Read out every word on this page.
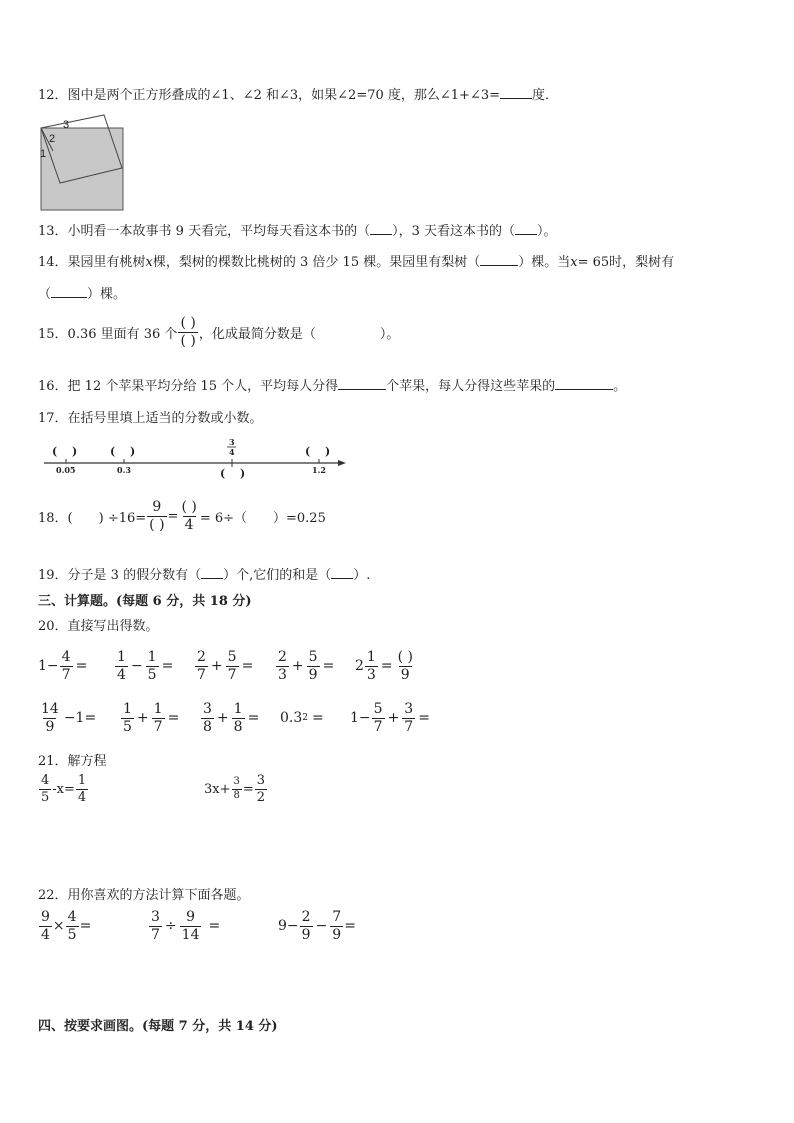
12．图中是两个正方形叠成的∠1、∠2 和∠3，如果∠2=70 度，那么∠1+∠3= 度．
1
2
3
13．小明看一本故事书 9 天看完，平均每天看这本书的（ ），3 天看这本书的（ ）。
14．果园里有桃树x棵，梨树的棵数比桃树的 3 倍少 15 棵。果园里有梨树（	）棵。当x= 65时，梨树有
（	）棵。
15．0.36 里面有 36 个 $\frac{( )}{( )}$ ，化成最简分数是（	）。
16．把 12 个苹果平均分给 15 个人，平均每人分得	个苹果，每人分得这些苹果的	。
17．在括号里填上适当的分数或小数。
(　 )	(　 )
(　 )
(　 )
0.05	0.3	1.2
3
4
18．(　　) $\div 16= \frac{9}{( )} = \frac{( )}{4} = 6\div$（　　）=0.25
19．分子是 3 的假分数有（ ）个,它们的和是（ ）.
三、计算题。(每题 6 分，共 18 分)
20．直接写出得数。
$1- \frac{4}{7} = \frac{1}{4} - \frac{1}{5} = \frac{2}{7} + \frac{5}{7} = \frac{2}{3} + \frac{5}{9} = 2 \frac{1}{3} = \frac{( )}{9}$
$\frac{14}{9} -1= \frac{1}{5} + \frac{1}{7} = \frac{3}{8} + \frac{1}{8} = 0.3$ $2 = 1- \frac{5}{7} + \frac{3}{7}$ =
21．解方程
$\frac{4}{5} -x= \frac{1}{4}$	$3x+ \frac{3}{8} = \frac{3}{2}$
22．用你喜欢的方法计算下面各题。
$\frac{9}{4} \times \frac{4}{5}$ =	$\frac{3}{7} \div \frac{9}{14}$ =	$9- \frac{2}{9} - \frac{7}{9}$ =
四、按要求画图。(每题 7 分，共 14 分)
